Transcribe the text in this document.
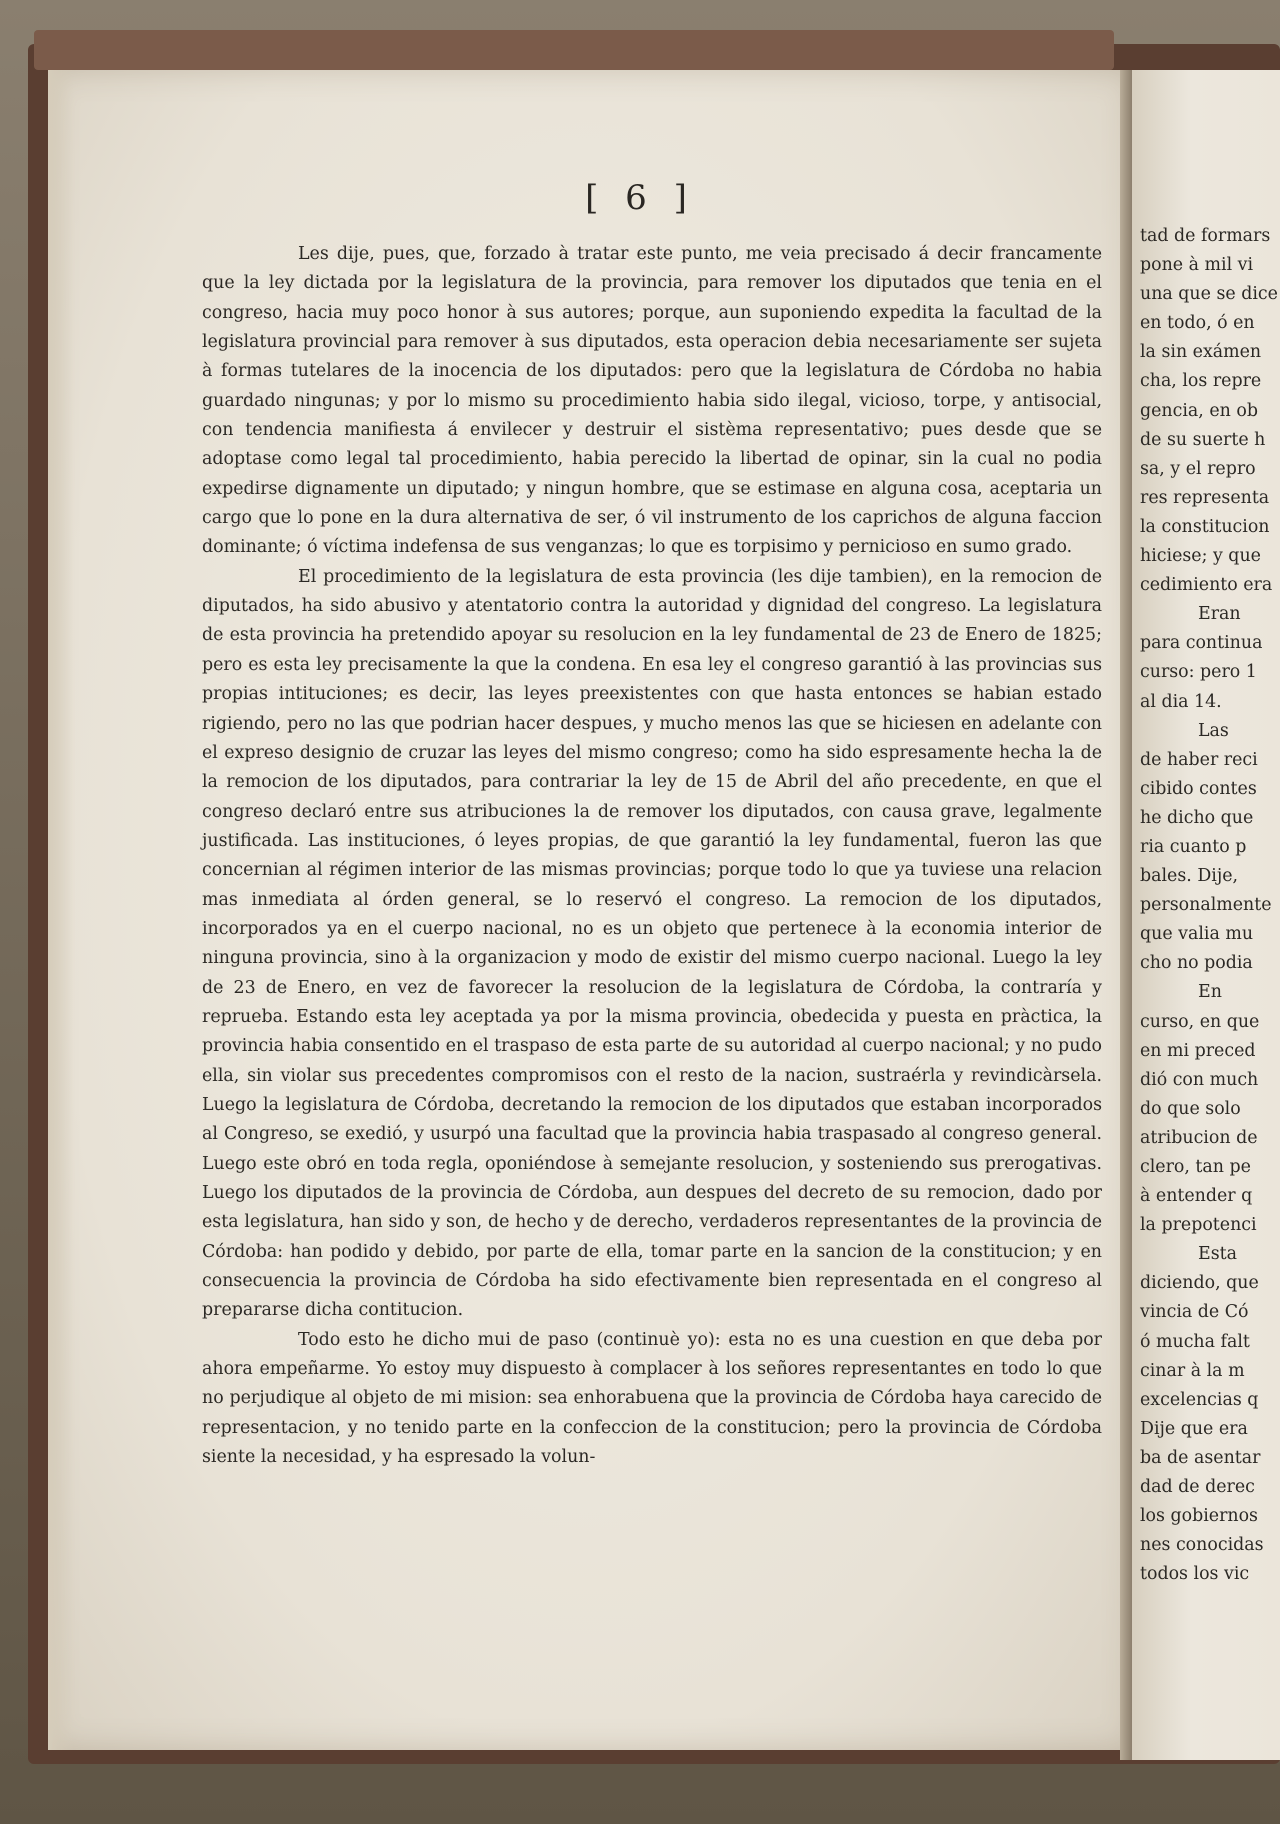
[ 6 ]

Les dije, pues, que, forzado à tratar este punto, me veia precisado á decir francamente que la ley dictada por la legislatura de la provincia, para remover los diputados que tenia en el congreso, hacia muy poco honor à sus autores; porque, aun suponiendo expedita la facultad de la legislatura provincial para remover à sus diputados, esta operacion debia necesariamente ser sujeta à formas tutelares de la inocencia de los diputados: pero que la legislatura de Córdoba no habia guardado ningunas; y por lo mismo su procedimiento habia sido ilegal, vicioso, torpe, y antisocial, con tendencia manifiesta á envilecer y destruir el sistèma representativo; pues desde que se adoptase como legal tal procedimiento, habia perecido la libertad de opinar, sin la cual no podia expedirse dignamente un diputado; y ningun hombre, que se estimase en alguna cosa, aceptaria un cargo que lo pone en la dura alternativa de ser, ó vil instrumento de los caprichos de alguna faccion dominante; ó víctima indefensa de sus venganzas; lo que es torpisimo y pernicioso en sumo grado.

El procedimiento de la legislatura de esta provincia (les dije tambien), en la remocion de diputados, ha sido abusivo y atentatorio contra la autoridad y dignidad del congreso. La legislatura de esta provincia ha pretendido apoyar su resolucion en la ley fundamental de 23 de Enero de 1825; pero es esta ley precisamente la que la condena. En esa ley el congreso garantió à las provincias sus propias intituciones; es decir, las leyes preexistentes con que hasta entonces se habian estado rigiendo, pero no las que podrian hacer despues, y mucho menos las que se hiciesen en adelante con el expreso designio de cruzar las leyes del mismo congreso; como ha sido espresamente hecha la de la remocion de los diputados, para contrariar la ley de 15 de Abril del año precedente, en que el congreso declaró entre sus atribuciones la de remover los diputados, con causa grave, legalmente justificada. Las instituciones, ó leyes propias, de que garantió la ley fundamental, fueron las que concernian al régimen interior de las mismas provincias; porque todo lo que ya tuviese una relacion mas inmediata al órden general, se lo reservó el congreso. La remocion de los diputados, incorporados ya en el cuerpo nacional, no es un objeto que pertenece à la economia interior de ninguna provincia, sino à la organizacion y modo de existir del mismo cuerpo nacional. Luego la ley de 23 de Enero, en vez de favorecer la resolucion de la legislatura de Córdoba, la contraría y reprueba. Estando esta ley aceptada ya por la misma provincia, obedecida y puesta en pràctica, la provincia habia consentido en el traspaso de esta parte de su autoridad al cuerpo nacional; y no pudo ella, sin violar sus precedentes compromisos con el resto de la nacion, sustraérla y revindicàrsela. Luego la legislatura de Córdoba, decretando la remocion de los diputados que estaban incorporados al Congreso, se exedió, y usurpó una facultad que la provincia habia traspasado al congreso general. Luego este obró en toda regla, oponiéndose à semejante resolucion, y sosteniendo sus prerogativas. Luego los diputados de la provincia de Córdoba, aun despues del decreto de su remocion, dado por esta legislatura, han sido y son, de hecho y de derecho, verdaderos representantes de la provincia de Córdoba: han podido y debido, por parte de ella, tomar parte en la sancion de la constitucion; y en consecuencia la provincia de Córdoba ha sido efectivamente bien representada en el congreso al prepararse dicha contitucion.

Todo esto he dicho mui de paso (continuè yo): esta no es una cuestion en que deba por ahora empeñarme. Yo estoy muy dispuesto à complacer à los señores representantes en todo lo que no perjudique al objeto de mi mision: sea enhorabuena que la provincia de Córdoba haya carecido de representacion, y no tenido parte en la confeccion de la constitucion; pero la provincia de Córdoba siente la necesidad, y ha espresado la volun-

tad de formars
pone à mil vi
una que se dice
en todo, ó en
la sin exámen
cha, los repre
gencia, en ob
de su suerte h
sa, y el repro
res representa
la constitucion
hiciese; y que
cedimiento era
Eran
para continua
curso: pero 1
al dia 14.
Las
de haber reci
cibido contes
he dicho que
ria cuanto p
bales. Dije,
personalmente
que valia mu
cho no podia
En
curso, en que
en mi preced
dió con much
do que solo
atribucion de
clero, tan pe
à entender q
la prepotenci
Esta
diciendo, que
vincia de Có
ó mucha falt
cinar à la m
excelencias q
Dije que era
ba de asentar
dad de derec
los gobiernos
nes conocidas
todos los vic
